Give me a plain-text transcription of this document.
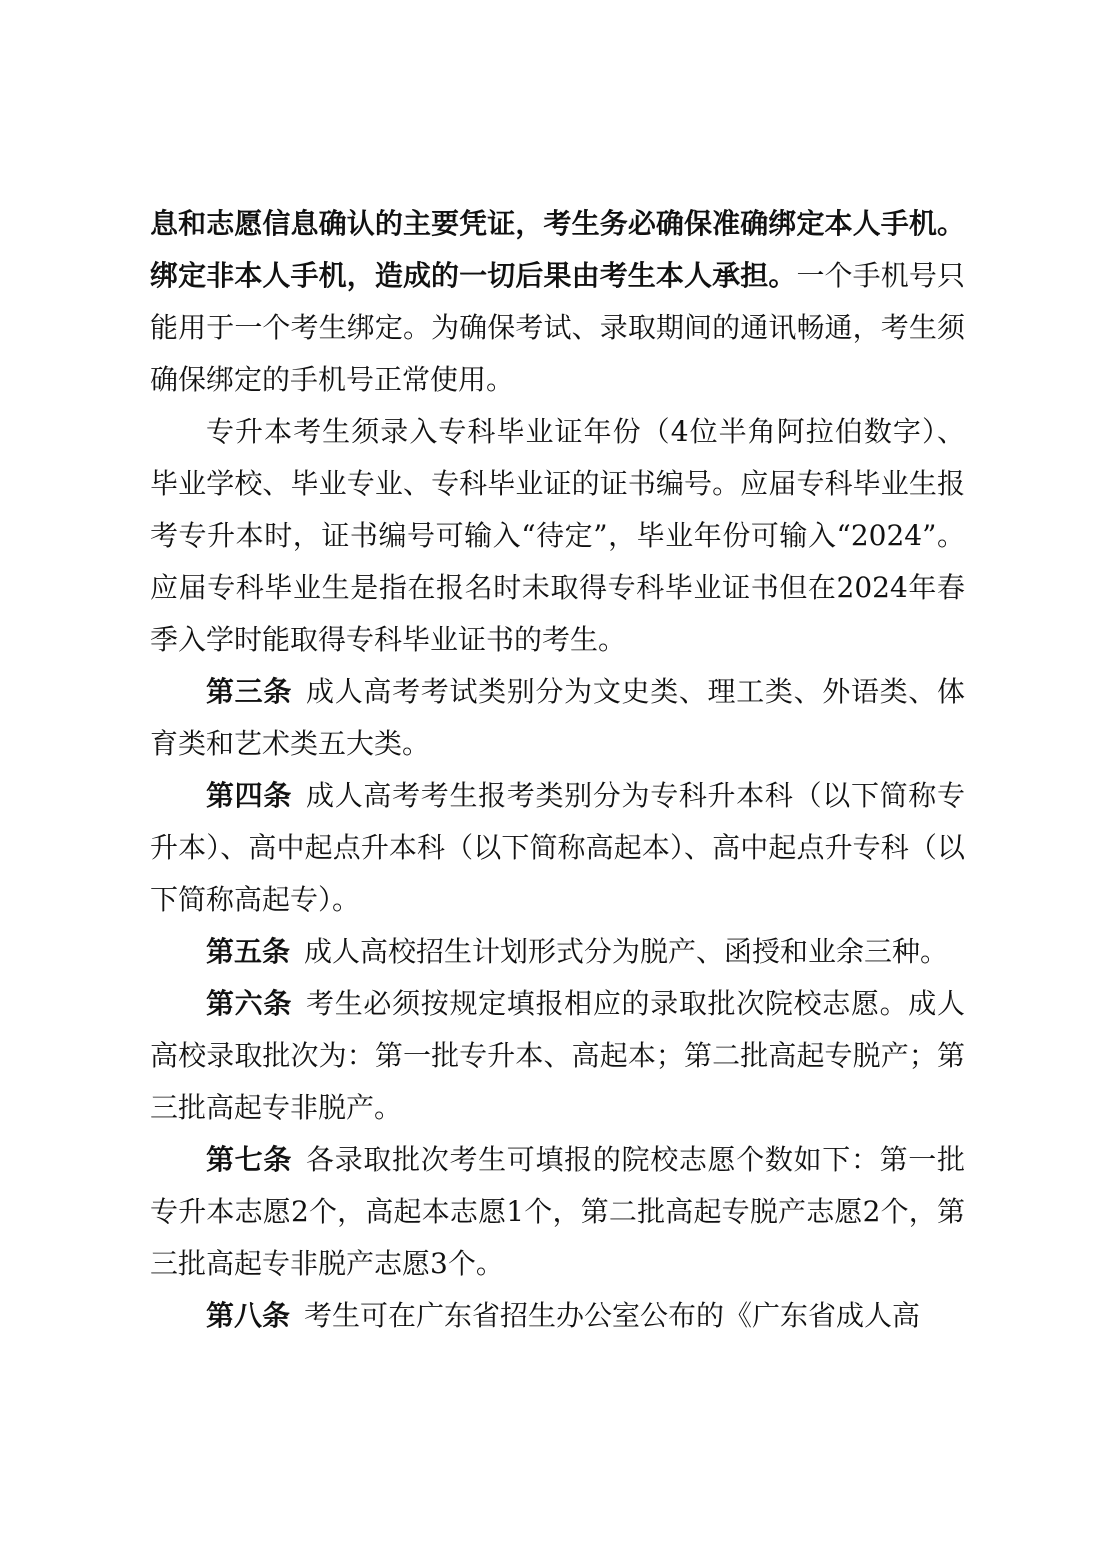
息和志愿信息确认的主要凭证，考生务必确保准确绑定本人手机。绑定非本人手机，造成的一切后果由考生本人承担。一个手机号只能用于一个考生绑定。为确保考试、录取期间的通讯畅通，考生须确保绑定的手机号正常使用。

专升本考生须录入专科毕业证年份（4位半角阿拉伯数字）、毕业学校、毕业专业、专科毕业证的证书编号。应届专科毕业生报考专升本时，证书编号可输入“待定”，毕业年份可输入“2024”。应届专科毕业生是指在报名时未取得专科毕业证书但在2024年春季入学时能取得专科毕业证书的考生。

第三条 成人高考考试类别分为文史类、理工类、外语类、体育类和艺术类五大类。

第四条 成人高考考生报考类别分为专科升本科（以下简称专升本）、高中起点升本科（以下简称高起本）、高中起点升专科（以下简称高起专）。

第五条 成人高校招生计划形式分为脱产、函授和业余三种。

第六条 考生必须按规定填报相应的录取批次院校志愿。成人高校录取批次为：第一批专升本、高起本；第二批高起专脱产；第三批高起专非脱产。

第七条 各录取批次考生可填报的院校志愿个数如下：第一批专升本志愿2个，高起本志愿1个，第二批高起专脱产志愿2个，第三批高起专非脱产志愿3个。

第八条 考生可在广东省招生办公室公布的《广东省成人高
